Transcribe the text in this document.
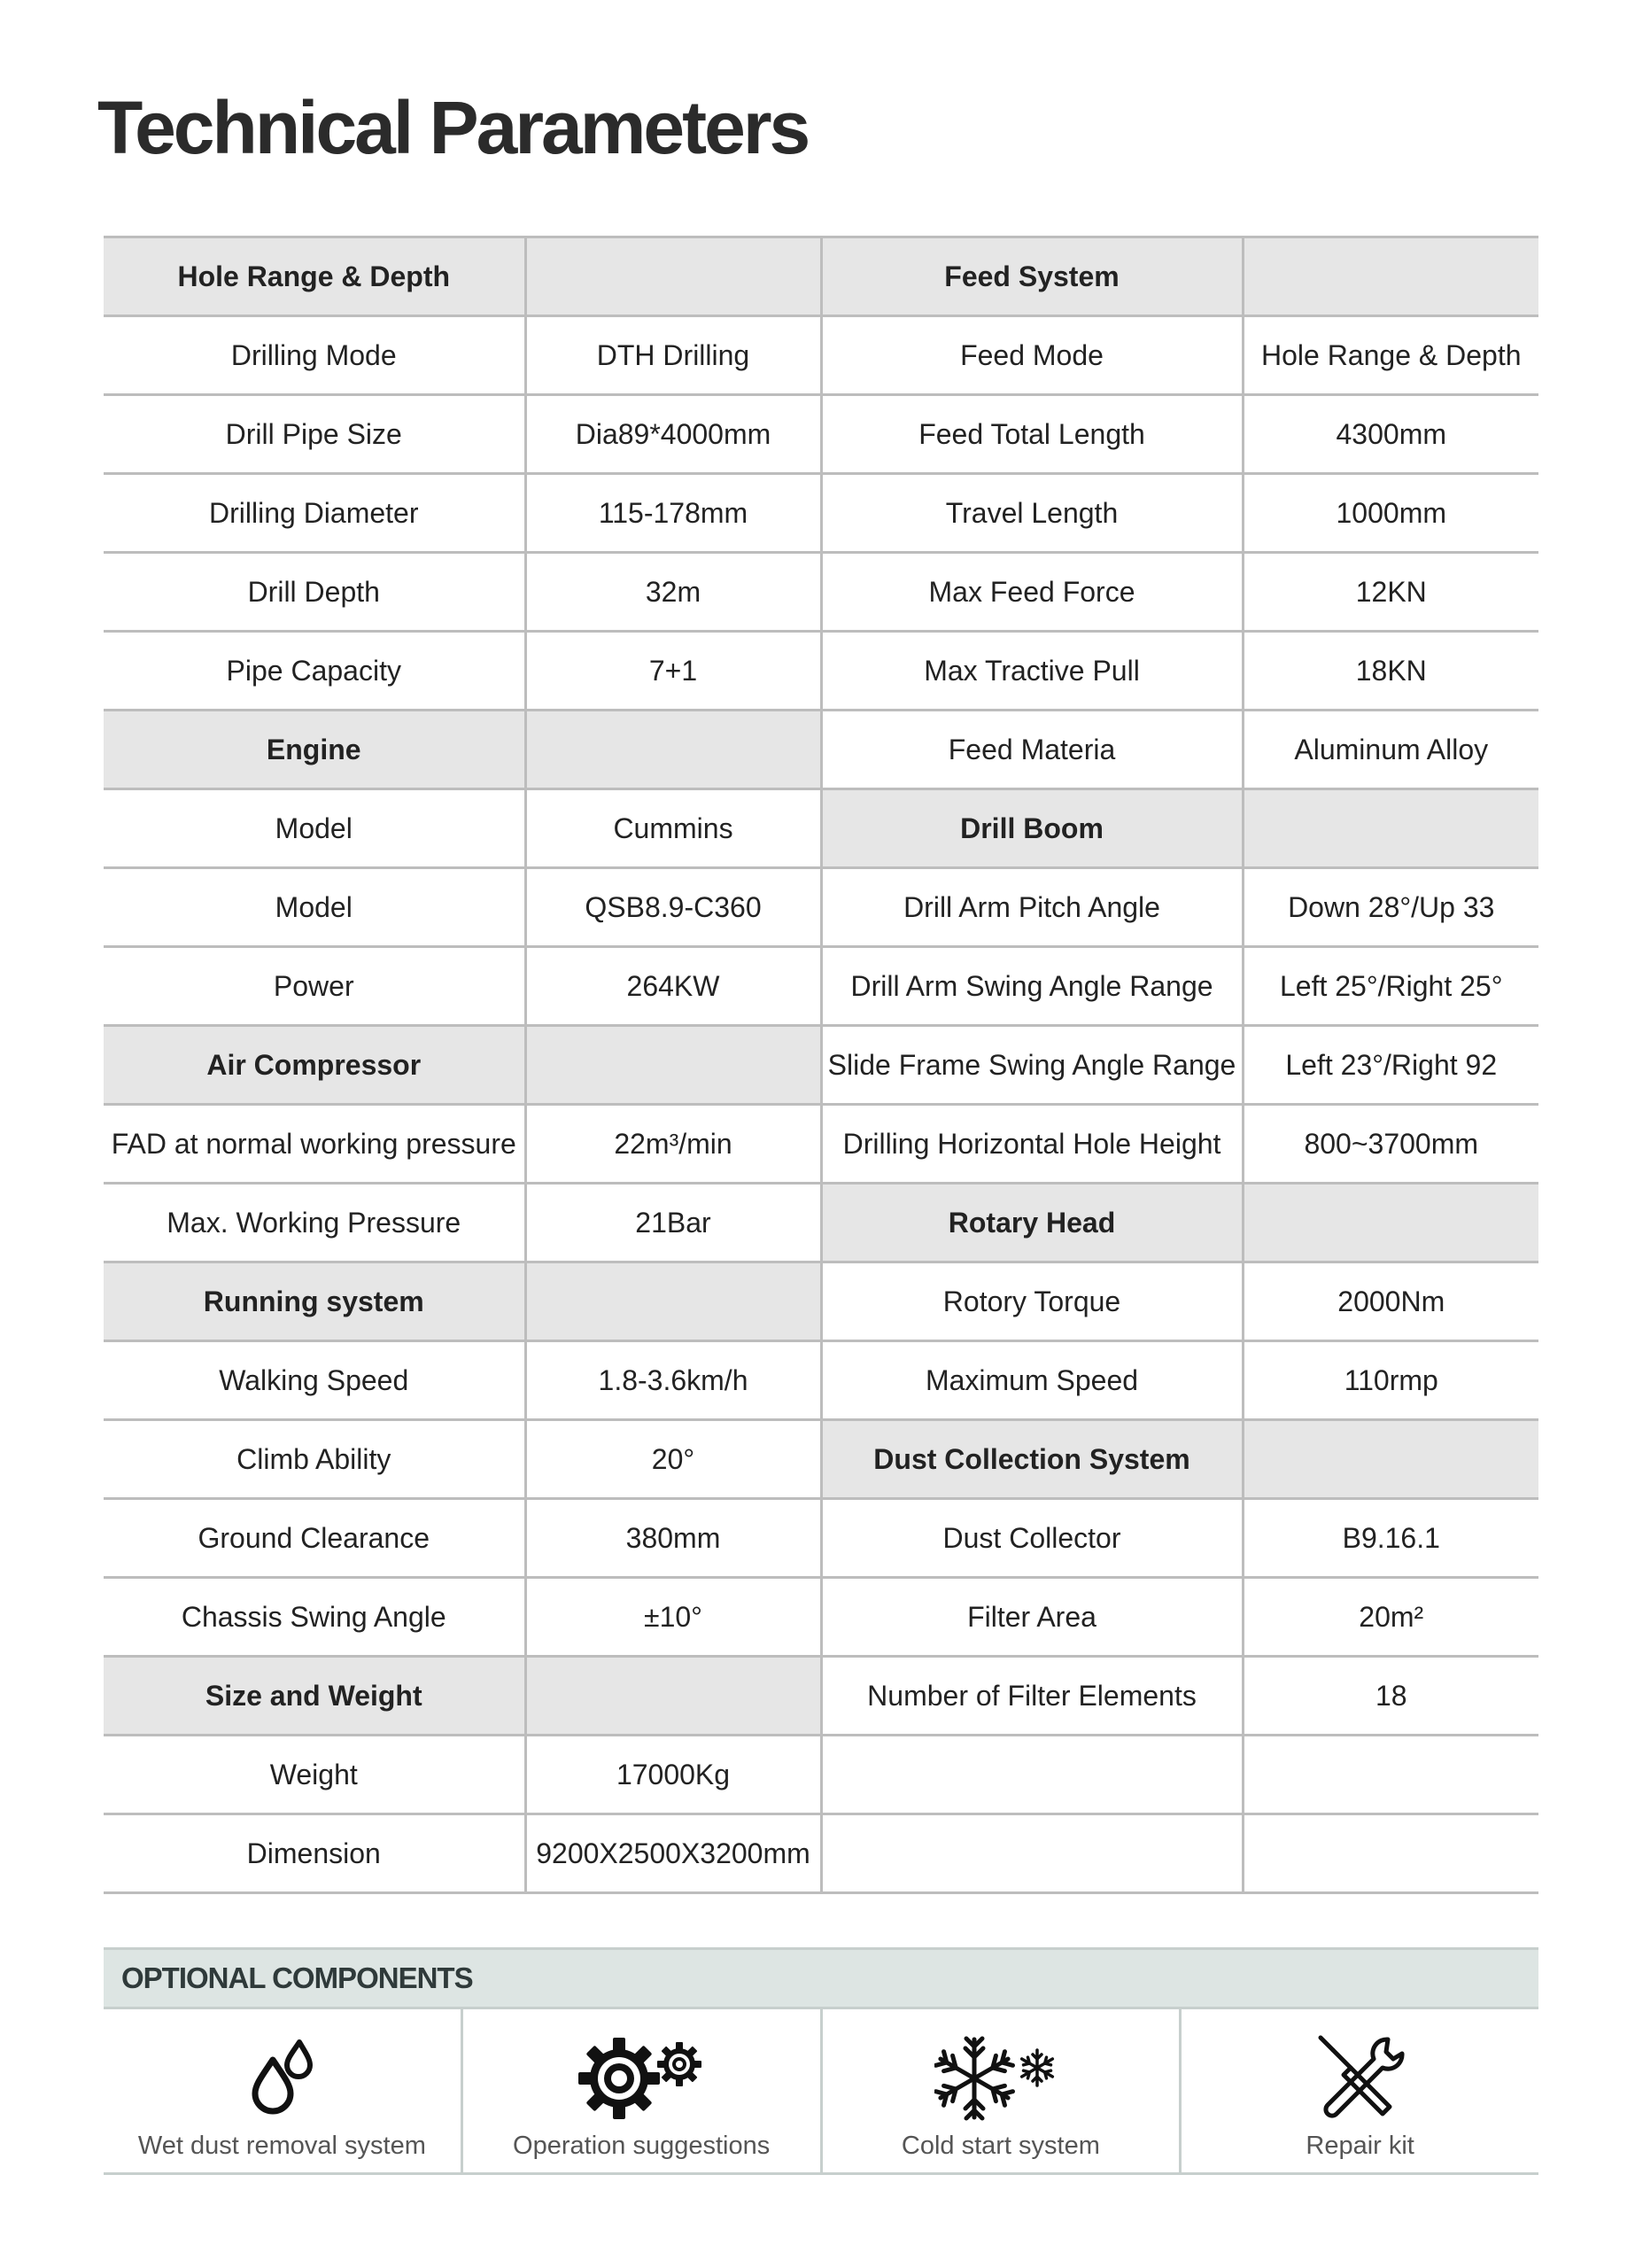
Technical Parameters
Hole Range & Depth		Feed System	
Drilling Mode	DTH Drilling	Feed Mode	Hole Range & Depth
Drill Pipe Size	Dia89*4000mm	Feed Total Length	4300mm
Drilling Diameter	115-178mm	Travel Length	1000mm
Drill Depth	32m	Max Feed Force	12KN
Pipe Capacity	7+1	Max Tractive Pull	18KN
Engine		Feed Materia	Aluminum Alloy
Model	Cummins	Drill Boom	
Model	QSB8.9-C360	Drill Arm Pitch Angle	Down 28°/Up 33
Power	264KW	Drill Arm Swing Angle Range	Left 25°/Right 25°
Air Compressor		Slide Frame Swing Angle Range	Left 23°/Right 92
FAD at normal working pressure	22m³/min	Drilling Horizontal Hole Height	800~3700mm
Max. Working Pressure	21Bar	Rotary Head	
Running system		Rotory Torque	2000Nm
Walking Speed	1.8-3.6km/h	Maximum Speed	110rmp
Climb Ability	20°	Dust Collection System	
Ground Clearance	380mm	Dust Collector	B9.16.1
Chassis Swing Angle	±10°	Filter Area	20m²
Size and Weight		Number of Filter Elements	18
Weight	17000Kg		
Dimension	9200X2500X3200mm		
OPTIONAL COMPONENTS
Wet dust removal system	Operation suggestions	Cold start system	Repair kit
